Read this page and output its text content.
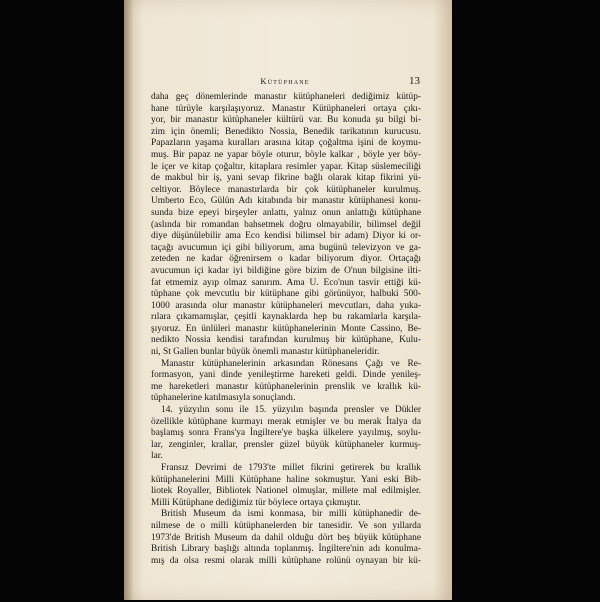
Kütüphane	13
daha geç dönemlerinde manastır kütüphaneleri dediğimiz kütüp-
hane türüyle karşılaşıyoruz. Manastır Kütüphaneleri ortaya çıkı-
yor, bir manastır kütüphaneler kültürü var. Bu konuda şu bilgi bi-
zim için önemli; Benedikto Nossia, Benedik tarikatının kurucusu.
Papazların yaşama kuralları arasına kitap çoğaltma işini de koymu-
muş. Bir papaz ne yapar böyle oturur, böyle kalkar , böyle yer böy-
le içer ve kitap çoğaltır, kitaplara resimler yapar. Kitap süslemeciliği
de makbul bir iş, yani sevap fikrine bağlı olarak kitap fikrini yü-
celtiyor. Böylece manastırlarda bir çok kütüphaneler kurulmuş.
Umberto Eco, Gülün Adı kitabında bir manastır kütüphanesi konu-
sunda bize epeyi birşeyler anlattı, yalnız onun anlattığı kütüphane
(aslında bir romandan bahsetmek doğru olmayabilir, bilimsel değil
diye düşünülebilir ama Eco kendisi bilimsel bir adam) Diyor ki or-
taçağı avucumun içi gibi biliyorum, ama bugünü televizyon ve ga-
zeteden ne kadar öğrenirsem o kadar biliyorum diyor. Ortaçağı
avucumun içi kadar iyi bildiğine göre bizim de O'nun bilgisine ilti-
fat etmemiz ayıp olmaz sanırım. Ama U. Eco'nun tasvir ettiği kü-
tüphane çok mevcutlu bir kütüphane gibi görünüyor, halbuki 500-
1000 arasında olur manastır kütüphaneleri mevcutları, daha yuka-
rılara çıkamamışlar, çeşitli kaynaklarda hep bu rakamlarla karşıla-
şıyoruz. En ünlüleri manastır kütüphanelerinin Monte Cassino, Be-
nedikto Nossia kendisi tarafından kurulmuş bir kütüphane, Kulu-
ni, St Gallen bunlar büyük önemli manastır kütüphaneleridir.
Manastır kütüphanelerinin arkasından Rönesans Çağı ve Re-
formasyon, yani dinde yenileştirme hareketi geldi. Dinde yenileş-
me hareketleri manastır kütüphanelerinin prenslik ve krallık kü-
tüphanelerine katılmasıyla sonuçlandı.
14. yüzyılın sonu ile 15. yüzyılın başında prensler ve Dükler
özellikle kütüphane kurmayı merak etmişler ve bu merak İtalya da
başlamış sonra Frans'ya İngiltere'ye başka ülkelere yayılmış, soylu-
lar, zenginler, krallar, prensler güzel büyük kütüphaneler kurmuş-
lar.
Fransız Devrimi de 1793'te millet fikrini getirerek bu krallık
kütüphanelerini Milli Kütüphane haline sokmuştur. Yani eski Bib-
liotek Royaller, Bibliotek Nationel olmuşlar, millete mal edilmişler.
Milli Kütüphane dediğimiz tür böylece ortaya çıkmıştır.
British Museum da ismi konmasa, bir milli kütüphanedir de-
nilmese de o milli kütüphanelerden bir tanesidir. Ve son yıllarda
1973'de British Museum da dahil olduğu dört beş büyük kütüphane
British Library başlığı altında toplanmış. İngiltere'nin adı konulma-
mış da olsa resmi olarak milli kütüphane rolünü oynayan bir kü-
